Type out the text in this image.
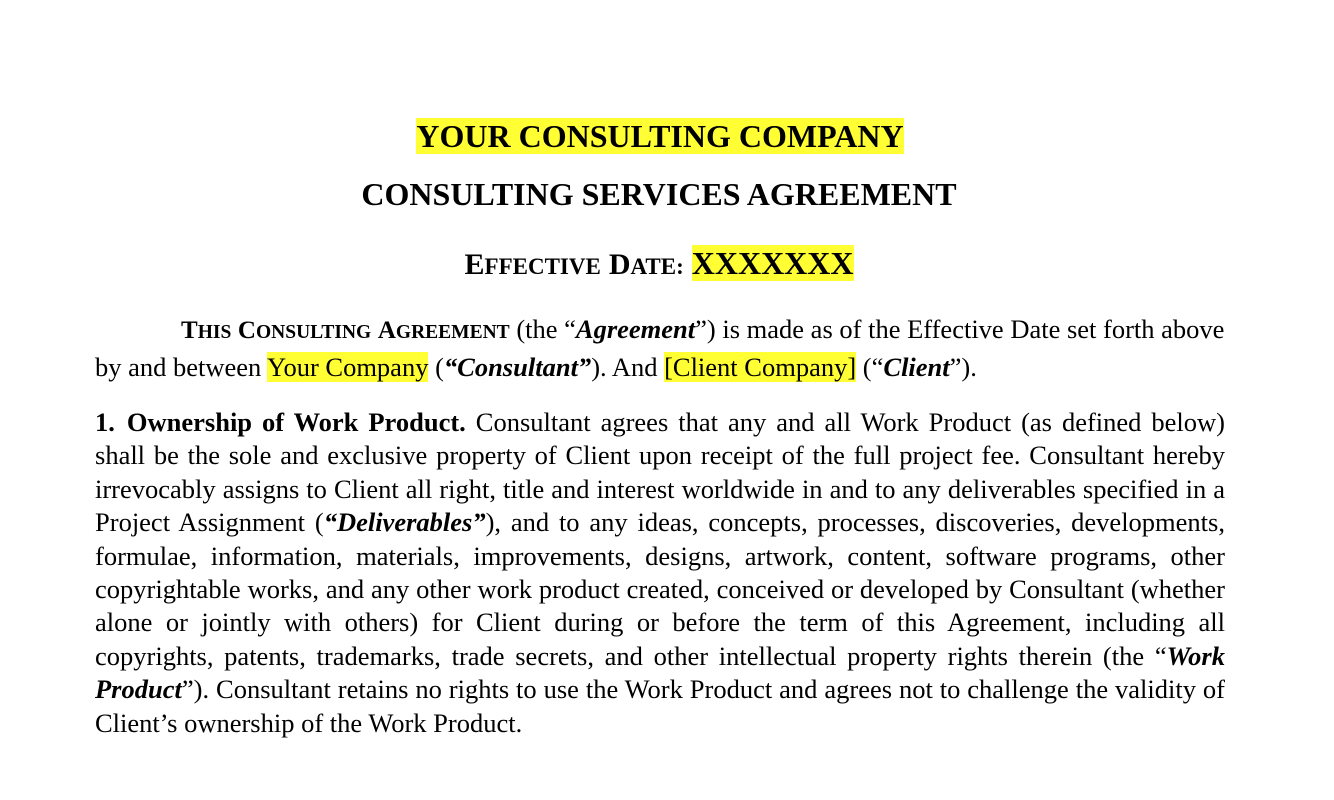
YOUR CONSULTING COMPANY

CONSULTING SERVICES AGREEMENT

EFFECTIVE DATE: XXXXXXX

THIS CONSULTING AGREEMENT (the “Agreement”) is made as of the Effective Date set forth above by and between Your Company (“Consultant”). And [Client Company] (“Client”).

1. Ownership of Work Product. Consultant agrees that any and all Work Product (as defined below) shall be the sole and exclusive property of Client upon receipt of the full project fee. Consultant hereby irrevocably assigns to Client all right, title and interest worldwide in and to any deliverables specified in a Project Assignment (“Deliverables”), and to any ideas, concepts, processes, discoveries, developments, formulae, information, materials, improvements, designs, artwork, content, software programs, other copyrightable works, and any other work product created, conceived or developed by Consultant (whether alone or jointly with others) for Client during or before the term of this Agreement, including all copyrights, patents, trademarks, trade secrets, and other intellectual property rights therein (the “Work Product”). Consultant retains no rights to use the Work Product and agrees not to challenge the validity of Client’s ownership of the Work Product.
